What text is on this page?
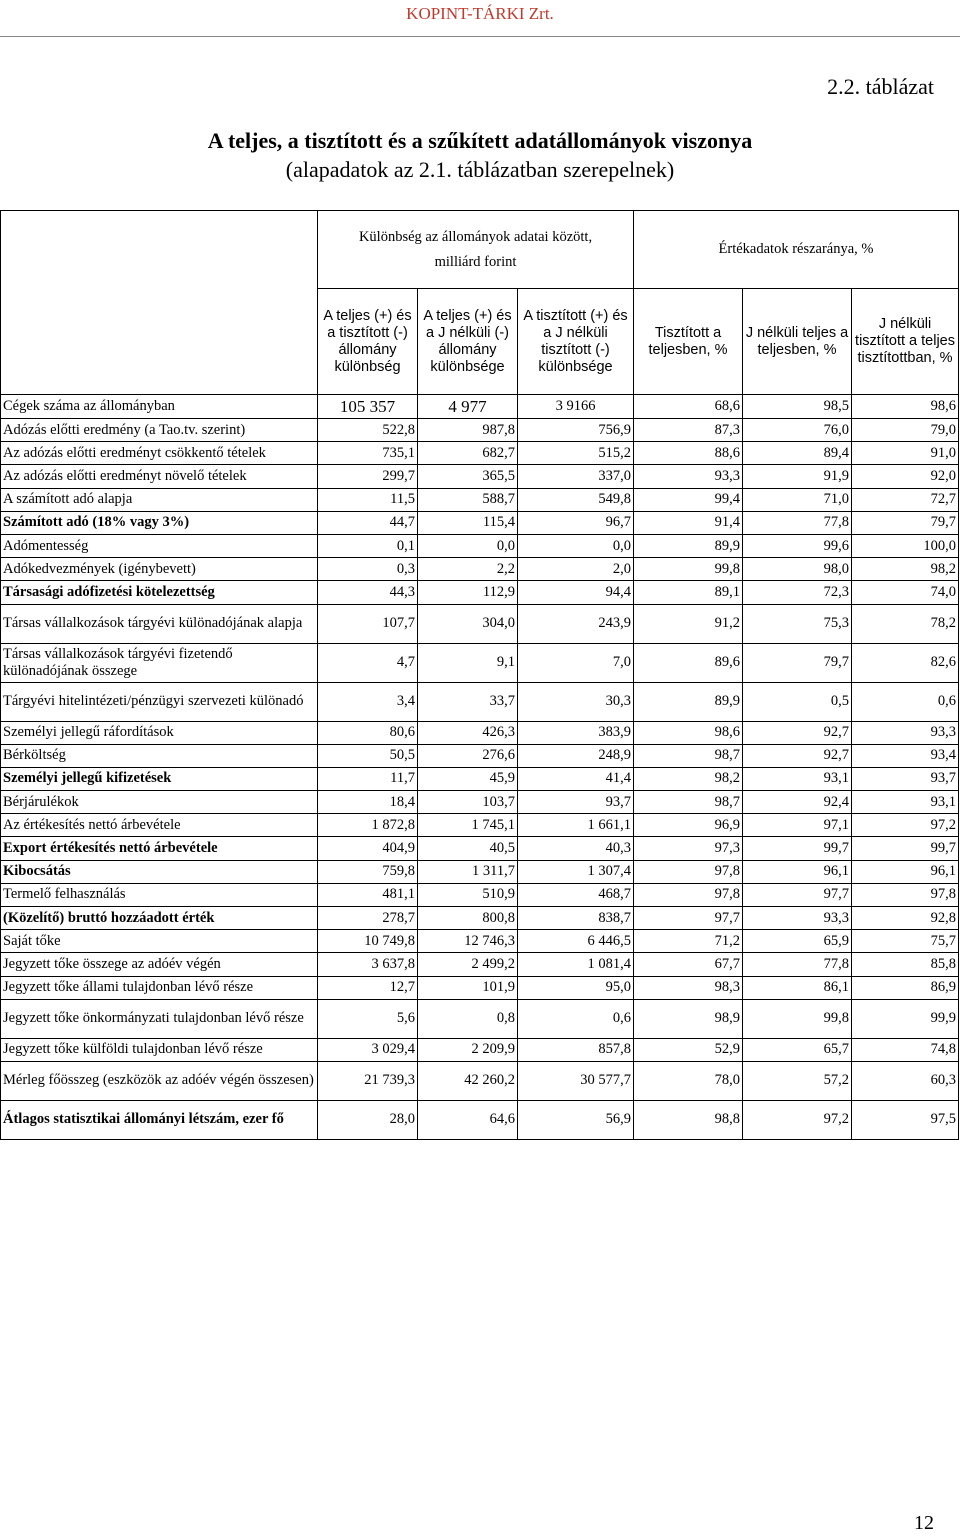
KOPINT-TÁRKI Zrt.
2.2. táblázat
A teljes, a tisztított és a szűkített adatállományok viszonya
(alapadatok az 2.1. táblázatban szerepelnek)

	Különbség az állományok adatai között,
milliárd forint			Értékadatok részaránya, %		
	A teljes (+) és a tisztított (-) állomány különbség	A teljes (+) és a J nélküli (-) állomány különbsége	A tisztított (+) és a J nélküli tisztított (-) különbsége	Tisztított a teljesben, %	J nélküli teljes a teljesben, %	J nélküli tisztított a teljes tisztítottban, %
Cégek száma az állományban	105 357	4 977	3 9166	68,6	98,5	98,6
Adózás előtti eredmény (a Tao.tv. szerint)	522,8	987,8	756,9	87,3	76,0	79,0
Az adózás előtti eredményt csökkentő tételek	735,1	682,7	515,2	88,6	89,4	91,0
Az adózás előtti eredményt növelő tételek	299,7	365,5	337,0	93,3	91,9	92,0
A számított adó alapja	11,5	588,7	549,8	99,4	71,0	72,7
Számított adó (18% vagy 3%)	44,7	115,4	96,7	91,4	77,8	79,7
Adómentesség	0,1	0,0	0,0	89,9	99,6	100,0
Adókedvezmények (igénybevett)	0,3	2,2	2,0	99,8	98,0	98,2
Társasági adófizetési kötelezettség	44,3	112,9	94,4	89,1	72,3	74,0
Társas vállalkozások tárgyévi különadójának alapja	107,7	304,0	243,9	91,2	75,3	78,2
Társas vállalkozások tárgyévi fizetendő különadójának összege	4,7	9,1	7,0	89,6	79,7	82,6
Tárgyévi hitelintézeti/pénzügyi szervezeti különadó	3,4	33,7	30,3	89,9	0,5	0,6
Személyi jellegű ráfordítások	80,6	426,3	383,9	98,6	92,7	93,3
Bérköltség	50,5	276,6	248,9	98,7	92,7	93,4
Személyi jellegű kifizetések	11,7	45,9	41,4	98,2	93,1	93,7
Bérjárulékok	18,4	103,7	93,7	98,7	92,4	93,1
Az értékesítés nettó árbevétele	1 872,8	1 745,1	1 661,1	96,9	97,1	97,2
Export értékesítés nettó árbevétele	404,9	40,5	40,3	97,3	99,7	99,7
Kibocsátás	759,8	1 311,7	1 307,4	97,8	96,1	96,1
Termelő felhasználás	481,1	510,9	468,7	97,8	97,7	97,8
(Közelítő) bruttó hozzáadott érték	278,7	800,8	838,7	97,7	93,3	92,8
Saját tőke	10 749,8	12 746,3	6 446,5	71,2	65,9	75,7
Jegyzett tőke összege az adóév végén	3 637,8	2 499,2	1 081,4	67,7	77,8	85,8
Jegyzett tőke állami tulajdonban lévő része	12,7	101,9	95,0	98,3	86,1	86,9
Jegyzett tőke önkormányzati tulajdonban lévő része	5,6	0,8	0,6	98,9	99,8	99,9
Jegyzett tőke külföldi tulajdonban lévő része	3 029,4	2 209,9	857,8	52,9	65,7	74,8
Mérleg főösszeg (eszközök az adóév végén összesen)	21 739,3	42 260,2	30 577,7	78,0	57,2	60,3
Átlagos statisztikai állományi létszám, ezer fő	28,0	64,6	56,9	98,8	97,2	97,5
12
